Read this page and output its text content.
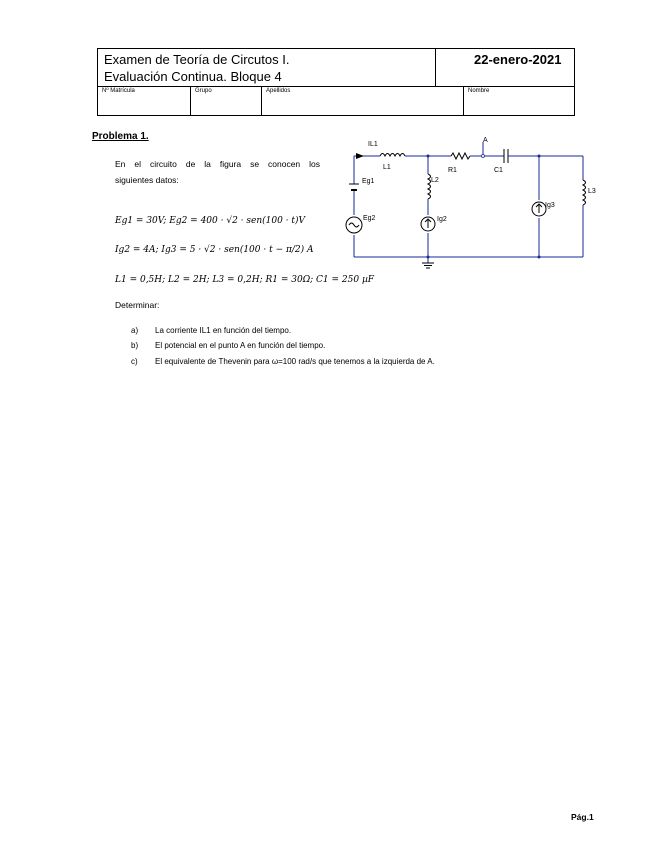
Examen de Teoría de Circutos I.
Evaluación Continua. Bloque 4
22-enero-2021
Nº Matrícula	Grupo	Apellidos	Nombre
Problema 1.
En el circuito de la figura se conocen los

siguientes datos:
Eg1 = 30V; Eg2 = 400 · √2 · sen(100 · t)V
Ig2 = 4A; Ig3 = 5 · √2 · sen(100 · t − π/2) A
L1 = 0,5H; L2 = 2H; L3 = 0,2H; R1 = 30Ω; C1 = 250 µF
Determinar:
a) La corriente IL1 en función del tiempo.
b) El potencial en el punto A en función del tiempo.
c) El equivalente de Thevenin para ω=100 rad/s que tenemos a la izquierda de A.
IL1
L1	R1	C1
A
L2
L3
Eg1
Eg2	Ig2
Ig3
Pág.1
